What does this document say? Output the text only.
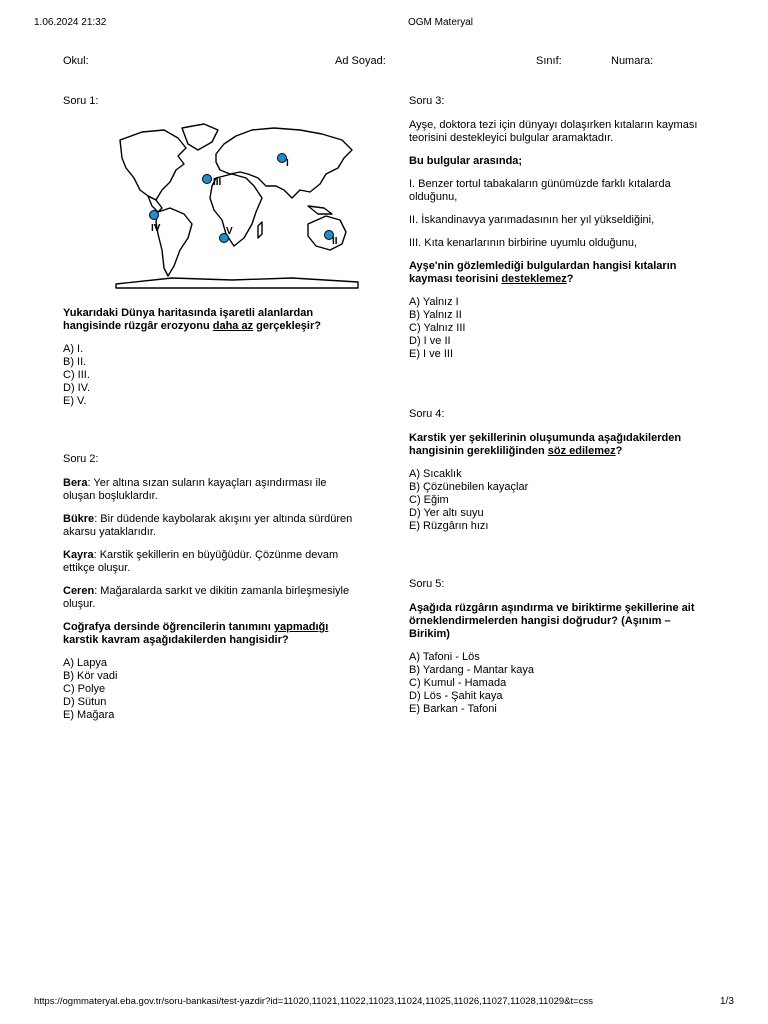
1.06.2024 21:32	OGM Materyal
Okul:	Ad Soyad:	Sınıf:	Numara:

Soru 1:

I
II
III
IV	V

Yukarıdaki Dünya haritasında işaretli alanlardan hangisinde rüzgâr erozyonu daha az gerçekleşir?

A) I.

B) II.

C) III.

D) IV.

E) V.

Soru 2:

Bera: Yer altına sızan suların kayaçları aşındırması ile oluşan boşluklardır.

Bükre: Bir düdende kaybolarak akışını yer altında sürdüren akarsu yataklarıdır.

Kayra: Karstik şekillerin en büyüğüdür. Çözünme devam ettikçe oluşur.

Ceren: Mağaralarda sarkıt ve dikitin zamanla birleşmesiyle oluşur.

Coğrafya dersinde öğrencilerin tanımını yapmadığı karstik kavram aşağıdakilerden hangisidir?

A) Lapya

B) Kör vadi

C) Polye

D) Sütun

E) Mağara

Soru 3:

Ayşe, doktora tezi için dünyayı dolaşırken kıtaların kayması teorisini destekleyici bulgular aramaktadır.

Bu bulgular arasında;

I. Benzer tortul tabakaların günümüzde farklı kıtalarda olduğunu,

II. İskandinavya yarımadasının her yıl yükseldiğini,

III. Kıta kenarlarının birbirine uyumlu olduğunu,

Ayşe'nin gözlemlediği bulgulardan hangisi kıtaların kayması teorisini desteklemez?

A) Yalnız I

B) Yalnız II

C) Yalnız III

D) I ve II

E) I ve III

Soru 4:

Karstik yer şekillerinin oluşumunda aşağıdakilerden hangisinin gerekliliğinden söz edilemez?

A) Sıcaklık

B) Çözünebilen kayaçlar

C) Eğim

D) Yer altı suyu

E) Rüzgârın hızı

Soru 5:

Aşağıda rüzgârın aşındırma ve biriktirme şekillerine ait örneklendirmelerden hangisi doğrudur? (Aşınım – Birikim)

A) Tafoni - Lös

B) Yardang - Mantar kaya

C) Kumul - Hamada

D) Lös - Şahit kaya

E) Barkan - Tafoni

https://ogmmateryal.eba.gov.tr/soru-bankasi/test-yazdir?id=11020,11021,11022,11023,11024,11025,11026,11027,11028,11029&t=css	1/3
